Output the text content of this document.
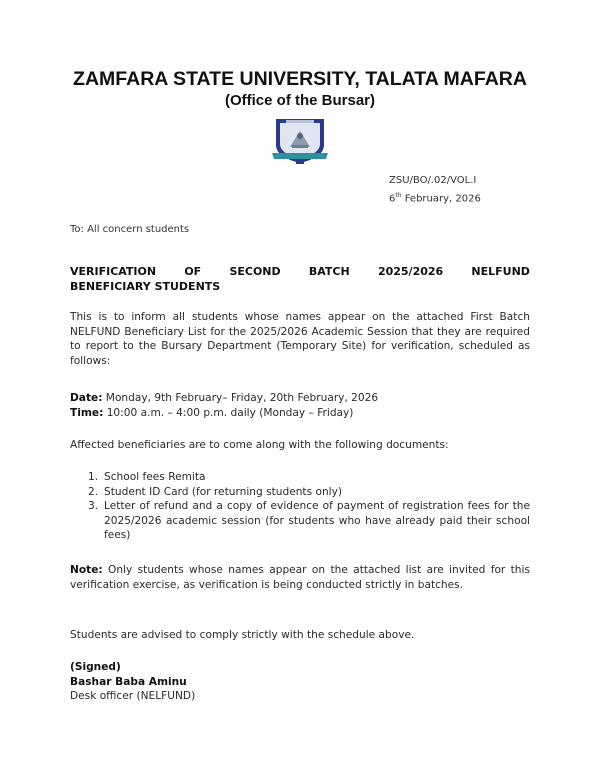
ZAMFARA STATE UNIVERSITY, TALATA MAFARA
(Office of the Bursar)
ZSU/BO/.02/VOL.I
6th February, 2026
To: All concern students
VERIFICATION	OF	SECOND	BATCH	2025/2026	NELFUND
BENEFICIARY STUDENTS
This is to inform all students whose names appear on the attached First Batch NELFUND Beneficiary List for the 2025/2026 Academic Session that they are required to report to the Bursary Department (Temporary Site) for verification, scheduled as follows:
Date: Monday, 9th February– Friday, 20th February, 2026
Time: 10:00 a.m. – 4:00 p.m. daily (Monday – Friday)
Affected beneficiaries are to come along with the following documents:
1. School fees Remita
2. Student ID Card (for returning students only)
3. Letter of refund and a copy of evidence of payment of registration fees for the 2025/2026 academic session (for students who have already paid their school fees)
Note: Only students whose names appear on the attached list are invited for this verification exercise, as verification is being conducted strictly in batches.
Students are advised to comply strictly with the schedule above.
(Signed)
Bashar Baba Aminu
Desk officer (NELFUND)
